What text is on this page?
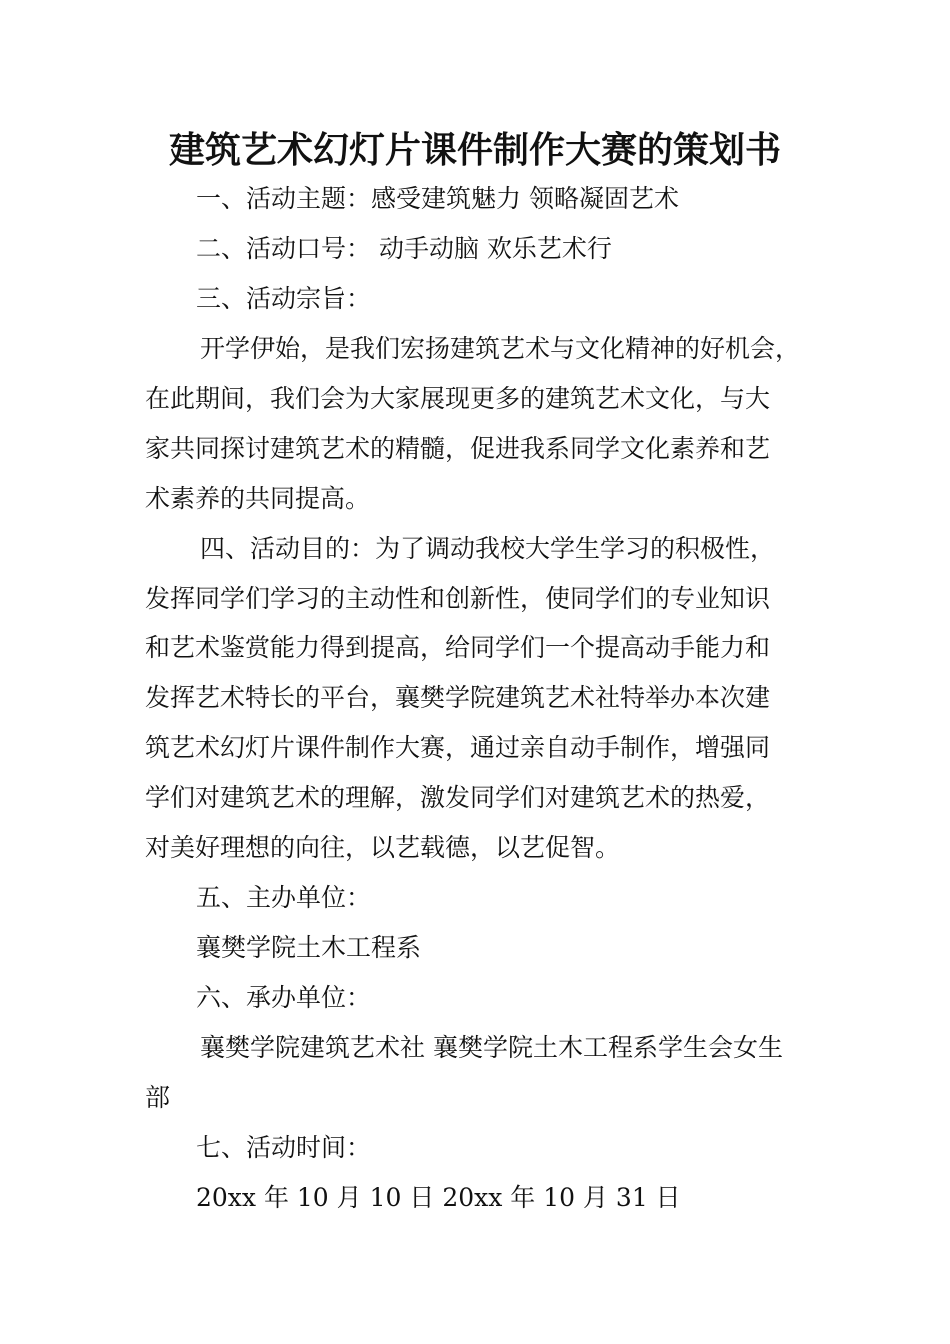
建筑艺术幻灯片课件制作大赛的策划书
一、活动主题：感受建筑魅力 领略凝固艺术
二、活动口号： 动手动脑 欢乐艺术行
三、活动宗旨：
开学伊始，是我们宏扬建筑艺术与文化精神的好机会，
在此期间，我们会为大家展现更多的建筑艺术文化，与大
家共同探讨建筑艺术的精髓，促进我系同学文化素养和艺
术素养的共同提高。
四、活动目的：为了调动我校大学生学习的积极性，
发挥同学们学习的主动性和创新性，使同学们的专业知识
和艺术鉴赏能力得到提高，给同学们一个提高动手能力和
发挥艺术特长的平台，襄樊学院建筑艺术社特举办本次建
筑艺术幻灯片课件制作大赛，通过亲自动手制作，增强同
学们对建筑艺术的理解，激发同学们对建筑艺术的热爱，
对美好理想的向往，以艺载德，以艺促智。
五、主办单位：
襄樊学院土木工程系
六、承办单位：
襄樊学院建筑艺术社 襄樊学院土木工程系学生会女生
部
七、活动时间：
20xx 年 10 月 10 日 20xx 年 10 月 31 日
